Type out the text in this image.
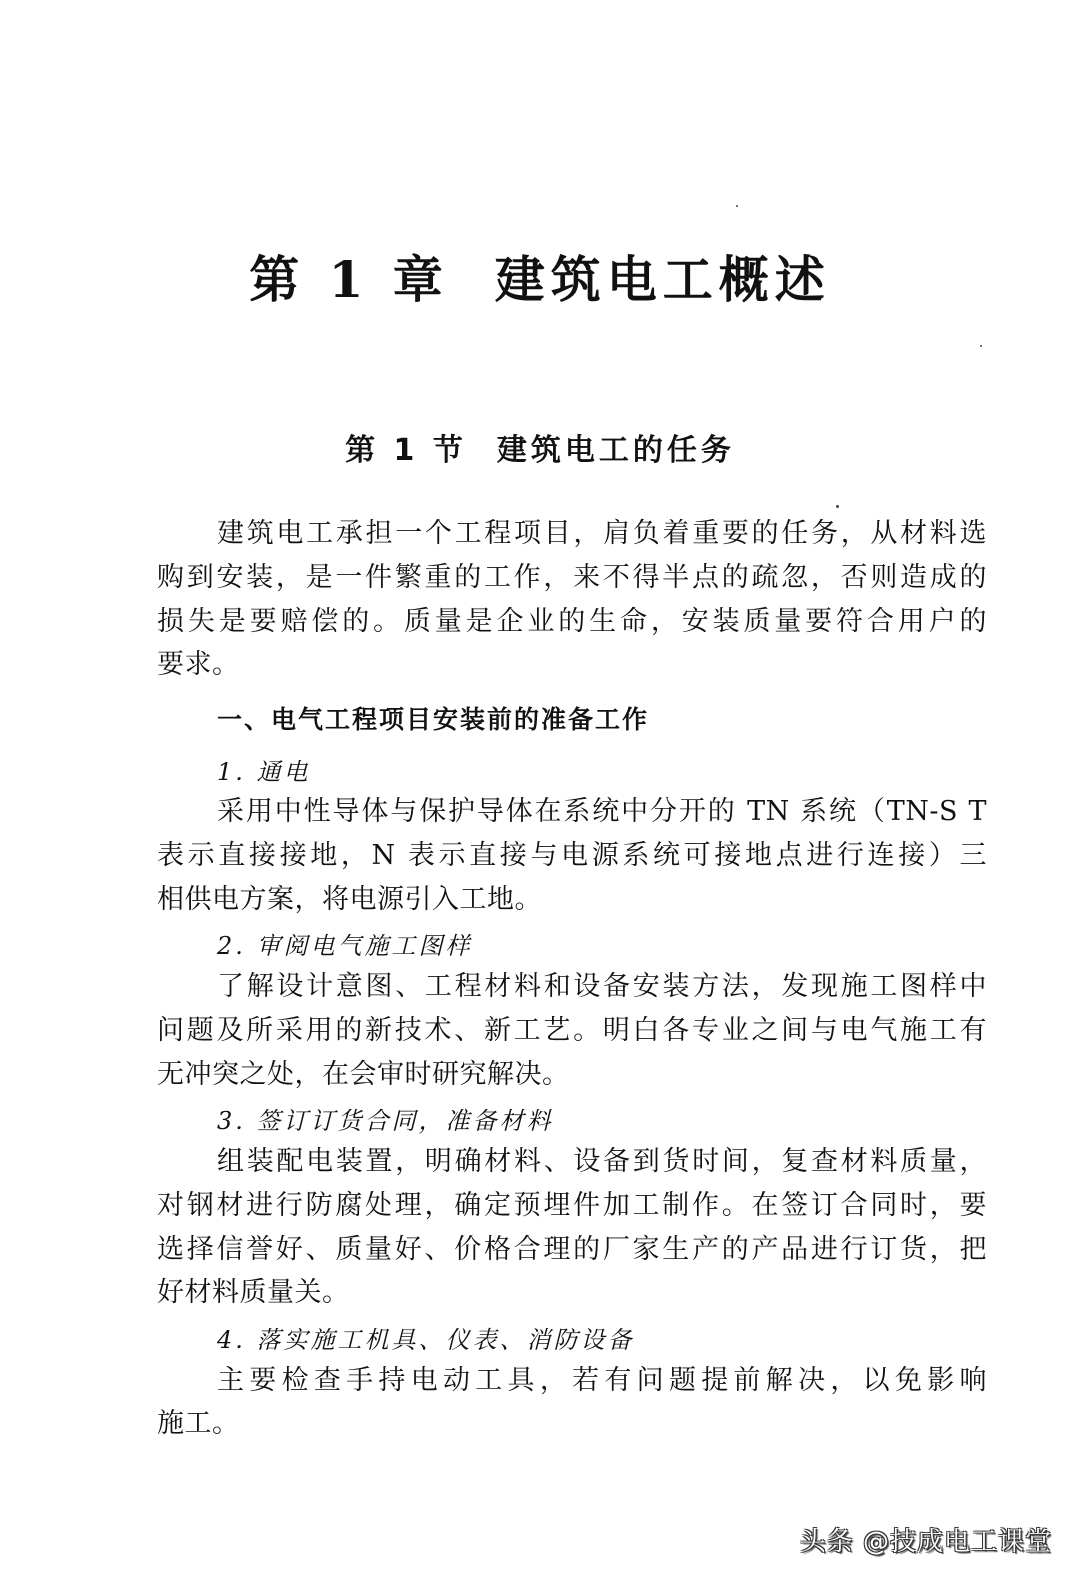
第 1 章 建筑电工概述
第 1 节 建筑电工的任务
建筑电工承担一个工程项目，肩负着重要的任务，从材料选
购到安装，是一件繁重的工作，来不得半点的疏忽，否则造成的
损失是要赔偿的。质量是企业的生命，安装质量要符合用户的
要求。
一、电气工程项目安装前的准备工作
1. 通电
采用中性导体与保护导体在系统中分开的 TN 系统（TN-S T
表示直接接地，N 表示直接与电源系统可接地点进行连接）三
相供电方案，将电源引入工地。
2. 审阅电气施工图样
了解设计意图、工程材料和设备安装方法，发现施工图样中
问题及所采用的新技术、新工艺。明白各专业之间与电气施工有
无冲突之处，在会审时研究解决。
3. 签订订货合同，准备材料
组装配电装置，明确材料、设备到货时间，复查材料质量，
对钢材进行防腐处理，确定预埋件加工制作。在签订合同时，要
选择信誉好、质量好、价格合理的厂家生产的产品进行订货，把
好材料质量关。
4. 落实施工机具、仪表、消防设备
主要检查手持电动工具，若有问题提前解决，以免影响
施工。
头条 @技成电工课堂
